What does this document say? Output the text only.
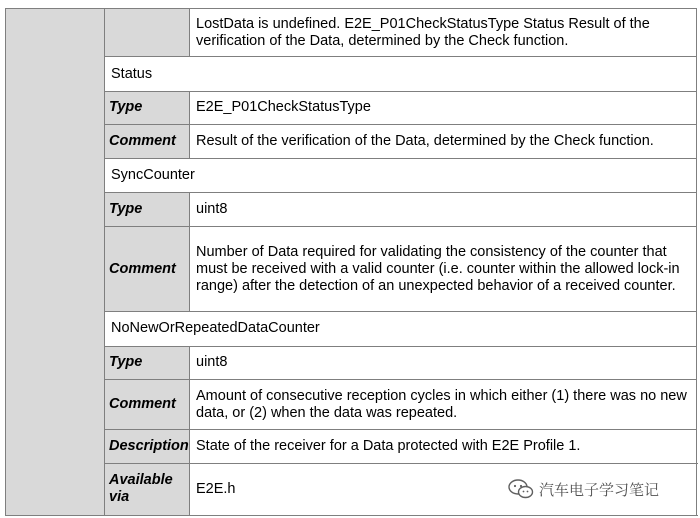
		LostData is undefined. E2E_P01CheckStatusType Status Result of the verification of the Data, determined by the Check function.
	Status	
	Type	E2E_P01CheckStatusType
	Comment	Result of the verification of the Data, determined by the Check function.
	SyncCounter	
	Type	uint8
	Comment	Number of Data required for validating the consistency of the counter that must be received with a valid counter (i.e. counter within the allowed lock-in range) after the detection of an unexpected behavior of a received counter.
	NoNewOrRepeatedDataCounter	
	Type	uint8
	Comment	Amount of consecutive reception cycles in which either (1) there was no new data, or (2) when the data was repeated.
	Description	State of the receiver for a Data protected with E2E Profile 1.
	Available via	E2E.h	汽车电子学习笔记
